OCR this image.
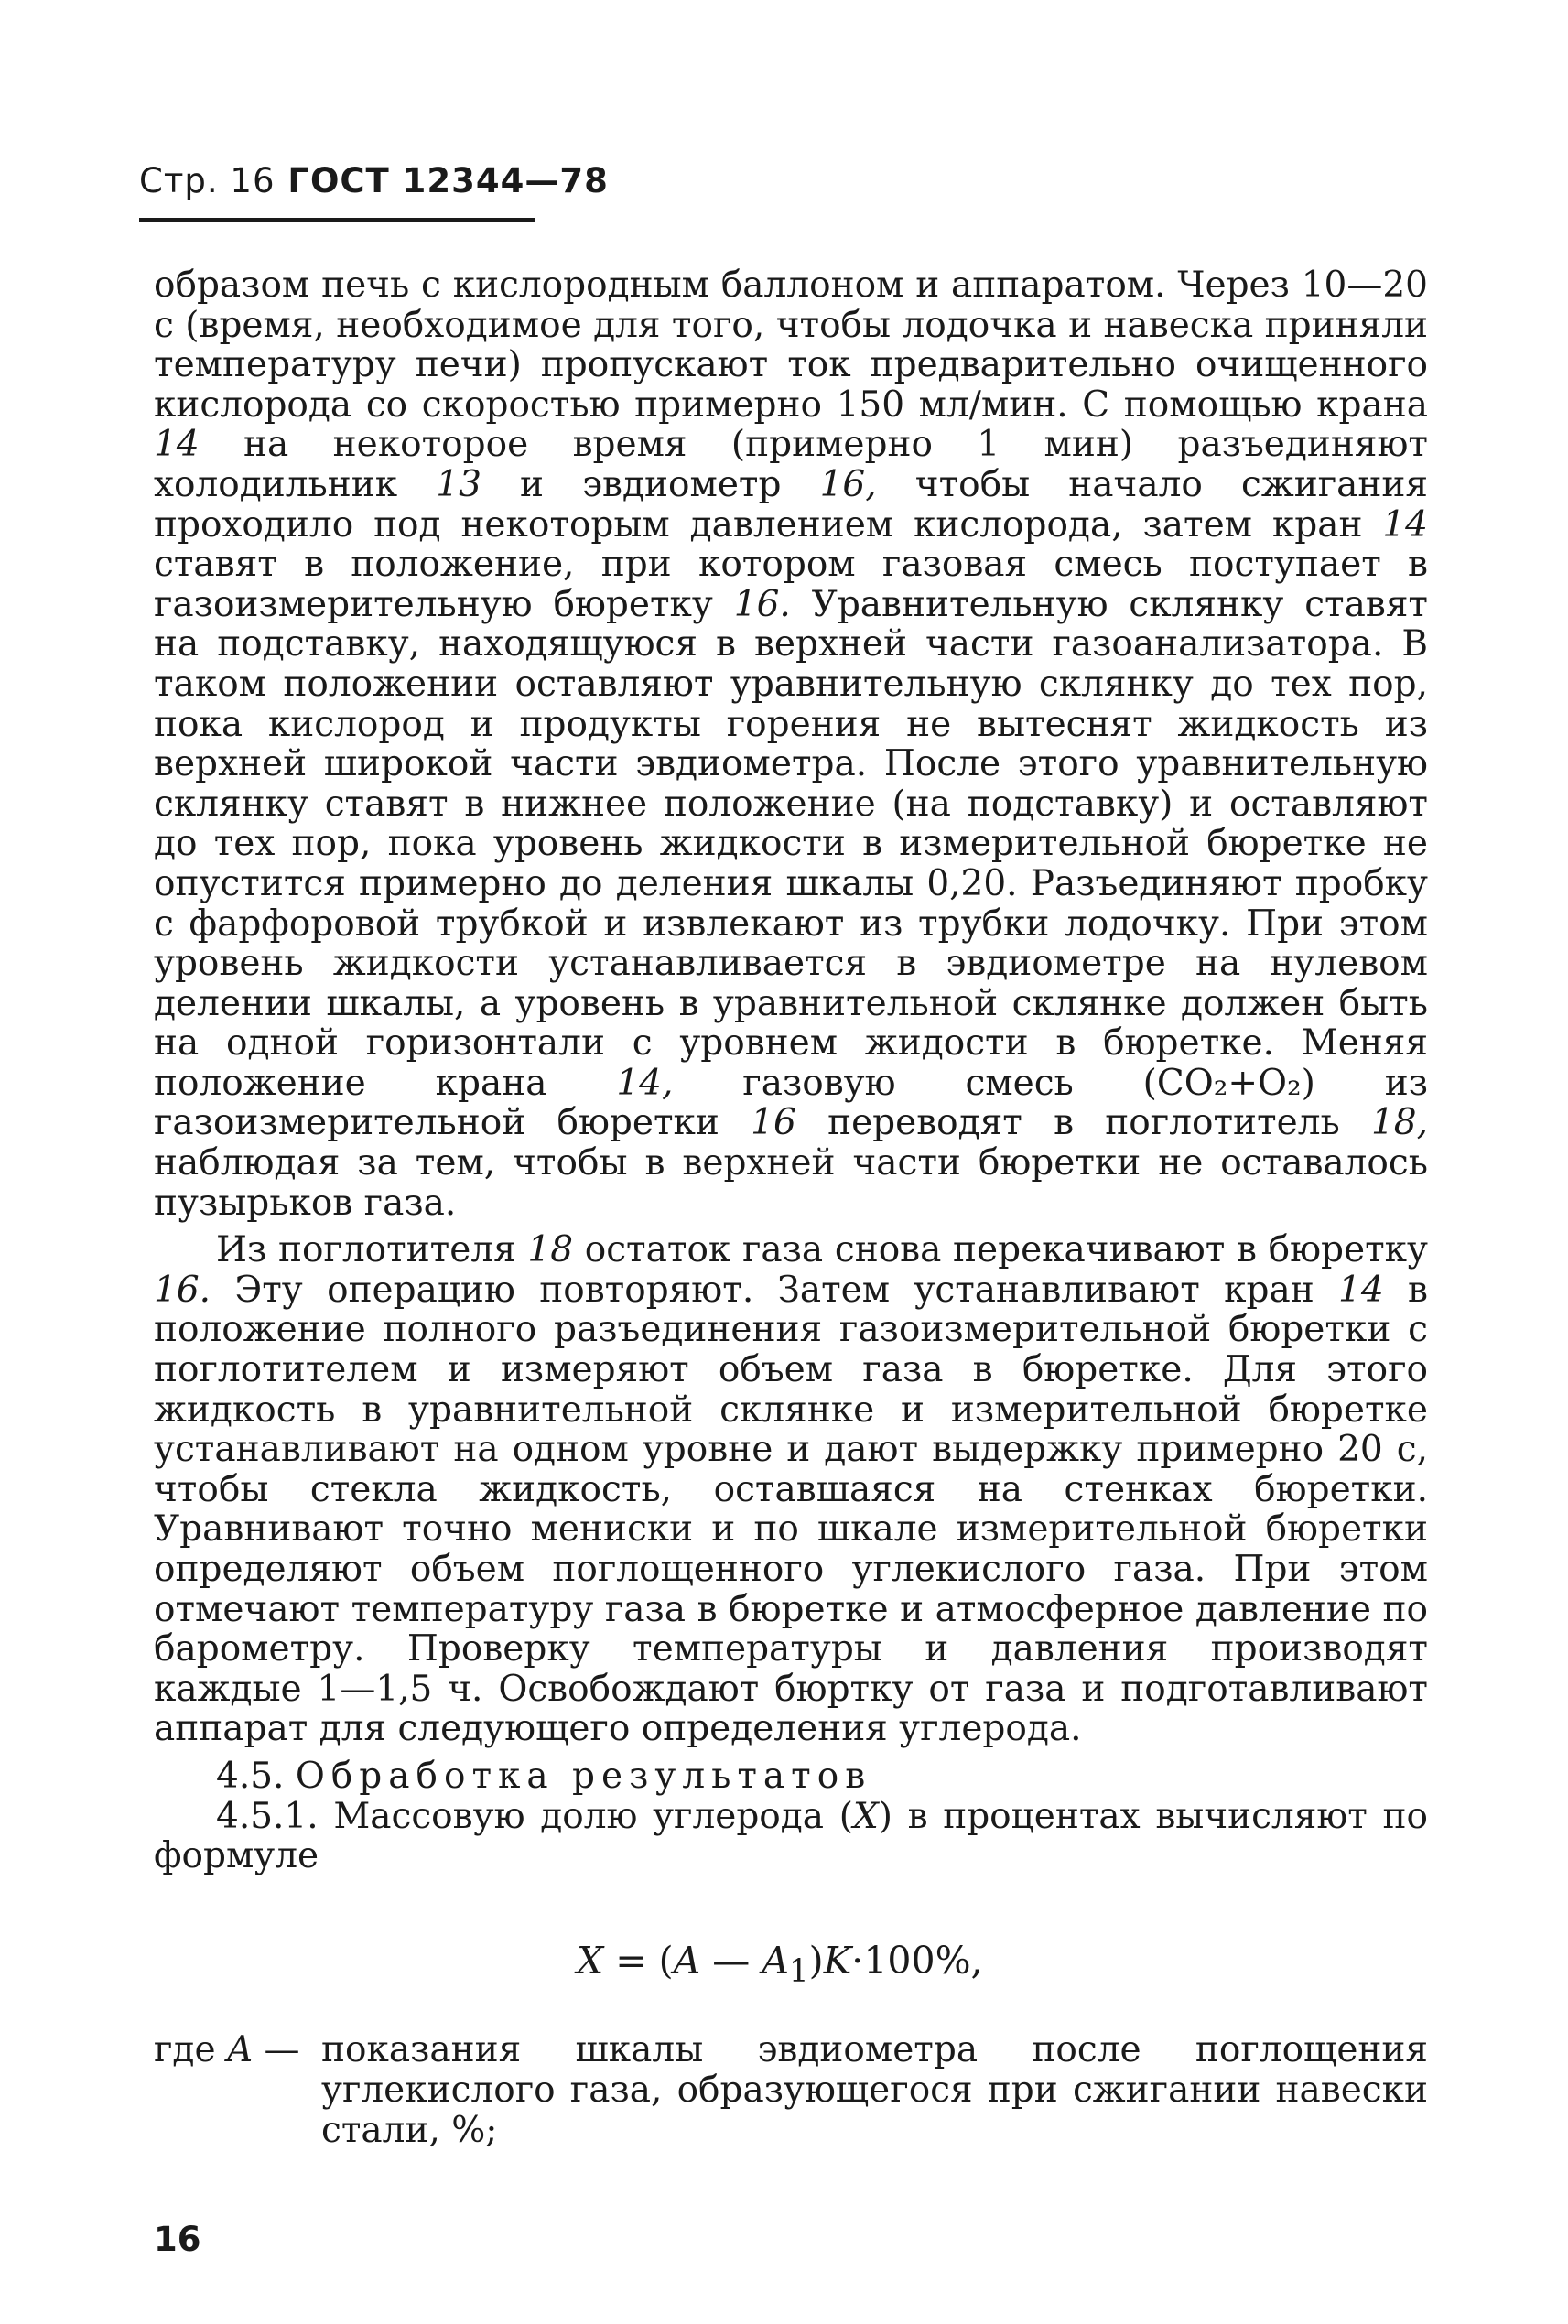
Стр. 16 ГОСТ 12344—78

образом печь с кислородным баллоном и аппаратом. Через 10—20 с (время, необходимое для того, чтобы лодочка и навеска приняли температуру печи) пропускают ток предварительно очищенного кислорода со скоростью примерно 150 мл/мин. С помощью крана 14 на некоторое время (примерно 1 мин) разъединяют холодильник 13 и эвдиометр 16, чтобы начало сжигания проходило под некоторым давлением кислорода, затем кран 14 ставят в положение, при котором газовая смесь поступает в газоизмерительную бюретку 16. Уравнительную склянку ставят на подставку, находящуюся в верхней части газоанализатора. В таком положении оставляют уравнительную склянку до тех пор, пока кислород и продукты горения не вытеснят жидкость из верхней широкой части эвдиометра. После этого уравнительную склянку ставят в нижнее положение (на подставку) и оставляют до тех пор, пока уровень жидкости в измерительной бюретке не опустится примерно до деления шкалы 0,20. Разъединяют пробку с фарфоровой трубкой и извлекают из трубки лодочку. При этом уровень жидкости устанавливается в эвдиометре на нулевом делении шкалы, а уровень в уравнительной склянке должен быть на одной горизонтали с уровнем жидости в бюретке. Меняя положение крана 14, газовую смесь (CO₂+O₂) из газоизмерительной бюретки 16 переводят в поглотитель 18, наблюдая за тем, чтобы в верхней части бюретки не оставалось пузырьков газа.

Из поглотителя 18 остаток газа снова перекачивают в бюретку 16. Эту операцию повторяют. Затем устанавливают кран 14 в положение полного разъединения газоизмерительной бюретки с поглотителем и измеряют объем газа в бюретке. Для этого жидкость в уравнительной склянке и измерительной бюретке устанавливают на одном уровне и дают выдержку примерно 20 с, чтобы стекла жидкость, оставшаяся на стенках бюретки. Уравнивают точно мениски и по шкале измерительной бюретки определяют объем поглощенного углекислого газа. При этом отмечают температуру газа в бюретке и атмосферное давление по барометру. Проверку температуры и давления производят каждые 1—1,5 ч. Освобождают бюртку от газа и подготавливают аппарат для следующего определения углерода.

4.5. Обработка результатов

4.5.1. Массовую долю углерода (X) в процентах вычисляют по формуле

X = (A — $A_1)K\cdot 100\%$,
где A — показания шкалы эвдиометра после поглощения углекислого газа, образующегося при сжигании навески стали, %;
16
